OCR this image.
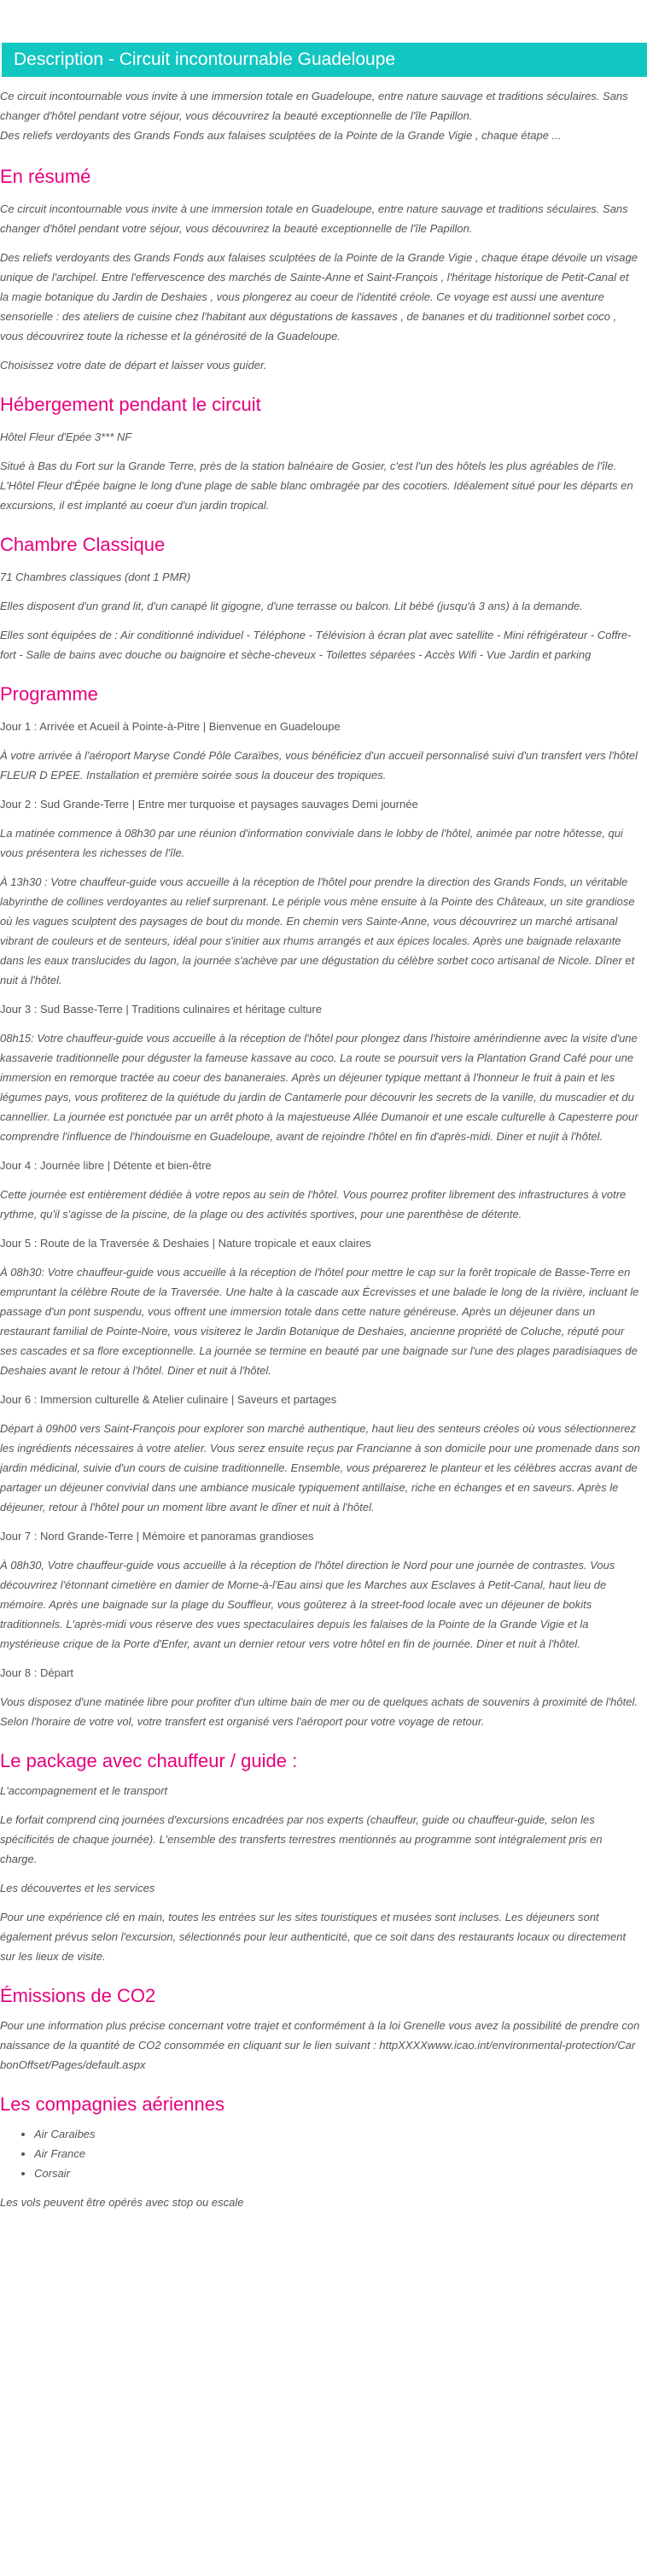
Description - Circuit incontournable Guadeloupe

Ce circuit incontournable vous invite à une immersion totale en Guadeloupe, entre nature sauvage et traditions séculaires. Sans changer d'hôtel pendant votre séjour, vous découvrirez la beauté exceptionnelle de l'île Papillon.

Des reliefs verdoyants des Grands Fonds aux falaises sculptées de la Pointe de la Grande Vigie , chaque étape ...

En résumé

Ce circuit incontournable vous invite à une immersion totale en Guadeloupe, entre nature sauvage et traditions séculaires. Sans changer d'hôtel pendant votre séjour, vous découvrirez la beauté exceptionnelle de l'île Papillon.

Des reliefs verdoyants des Grands Fonds aux falaises sculptées de la Pointe de la Grande Vigie , chaque étape dévoile un visage unique de l'archipel. Entre l'effervescence des marchés de Sainte-Anne et Saint-François , l'héritage historique de Petit-Canal et la magie botanique du Jardin de Deshaies , vous plongerez au coeur de l'identité créole. Ce voyage est aussi une aventure sensorielle : des ateliers de cuisine chez l'habitant aux dégustations de kassaves , de bananes et du traditionnel sorbet coco , vous découvrirez toute la richesse et la générosité de la Guadeloupe.

Choisissez votre date de départ et laisser vous guider.

Hébergement pendant le circuit

Hôtel Fleur d'Epée 3*** NF

Situé à Bas du Fort sur la Grande Terre, près de la station balnéaire de Gosier, c'est l'un des hôtels les plus agréables de l'île. L'Hôtel Fleur d'Épée baigne le long d'une plage de sable blanc ombragée par des cocotiers. Idéalement situé pour les départs en excursions, il est implanté au coeur d'un jardin tropical.

Chambre Classique

71 Chambres classiques (dont 1 PMR)

Elles disposent d'un grand lit, d'un canapé lit gigogne, d'une terrasse ou balcon. Lit bébé (jusqu'à 3 ans) à la demande.

Elles sont équipées de : Air conditionné individuel - Téléphone - Télévision à écran plat avec satellite - Mini réfrigérateur - Coffre-fort - Salle de bains avec douche ou baignoire et sèche-cheveux - Toilettes séparées - Accès Wifi - Vue Jardin et parking

Programme

Jour 1 : Arrivée et Acueil à Pointe-à-Pitre | Bienvenue en Guadeloupe

À votre arrivée à l'aéroport Maryse Condé Pôle Caraïbes, vous bénéficiez d'un accueil personnalisé suivi d'un transfert vers l'hôtel FLEUR D EPEE. Installation et première soirée sous la douceur des tropiques.

Jour 2 : Sud Grande-Terre | Entre mer turquoise et paysages sauvages Demi journée

La matinée commence à 08h30 par une réunion d'information conviviale dans le lobby de l'hôtel, animée par notre hôtesse, qui vous présentera les richesses de l'île.

À 13h30 : Votre chauffeur-guide vous accueille à la réception de l'hôtel pour prendre la direction des Grands Fonds, un véritable labyrinthe de collines verdoyantes au relief surprenant. Le périple vous mène ensuite à la Pointe des Châteaux, un site grandiose où les vagues sculptent des paysages de bout du monde. En chemin vers Sainte-Anne, vous découvrirez un marché artisanal vibrant de couleurs et de senteurs, idéal pour s'initier aux rhums arrangés et aux épices locales. Après une baignade relaxante dans les eaux translucides du lagon, la journée s'achève par une dégustation du célèbre sorbet coco artisanal de Nicole. Dîner et nuit à l'hôtel.

Jour 3 : Sud Basse-Terre | Traditions culinaires et héritage culture

08h15: Votre chauffeur-guide vous accueille à la réception de l'hôtel pour plongez dans l'histoire amérindienne avec la visite d'une kassaverie traditionnelle pour déguster la fameuse kassave au coco. La route se poursuit vers la Plantation Grand Café pour une immersion en remorque tractée au coeur des bananeraies. Après un déjeuner typique mettant à l'honneur le fruit à pain et les légumes pays, vous profiterez de la quiétude du jardin de Cantamerle pour découvrir les secrets de la vanille, du muscadier et du cannellier. La journée est ponctuée par un arrêt photo à la majestueuse Allée Dumanoir et une escale culturelle à Capesterre pour comprendre l'influence de l'hindouisme en Guadeloupe, avant de rejoindre l'hôtel en fin d'après-midi. Diner et nujit à l'hôtel.

Jour 4 : Journée libre | Détente et bien-être

Cette journée est entièrement dédiée à votre repos au sein de l'hôtel. Vous pourrez profiter librement des infrastructures à votre rythme, qu'il s'agisse de la piscine, de la plage ou des activités sportives, pour une parenthèse de détente.

Jour 5 : Route de la Traversée & Deshaies | Nature tropicale et eaux claires

À 08h30: Votre chauffeur-guide vous accueille à la réception de l'hôtel pour mettre le cap sur la forêt tropicale de Basse-Terre en empruntant la célèbre Route de la Traversée. Une halte à la cascade aux Écrevisses et une balade le long de la rivière, incluant le passage d'un pont suspendu, vous offrent une immersion totale dans cette nature généreuse. Après un déjeuner dans un restaurant familial de Pointe-Noire, vous visiterez le Jardin Botanique de Deshaies, ancienne propriété de Coluche, réputé pour ses cascades et sa flore exceptionnelle. La journée se termine en beauté par une baignade sur l'une des plages paradisiaques de Deshaies avant le retour à l'hôtel. Diner et nuit à l'hôtel.

Jour 6 : Immersion culturelle & Atelier culinaire | Saveurs et partages

Départ à 09h00 vers Saint-François pour explorer son marché authentique, haut lieu des senteurs créoles où vous sélectionnerez les ingrédients nécessaires à votre atelier. Vous serez ensuite reçus par Francianne à son domicile pour une promenade dans son jardin médicinal, suivie d'un cours de cuisine traditionnelle. Ensemble, vous préparerez le planteur et les célèbres accras avant de partager un déjeuner convivial dans une ambiance musicale typiquement antillaise, riche en échanges et en saveurs. Après le déjeuner, retour à l'hôtel pour un moment libre avant le dîner et nuit à l'hôtel.

Jour 7 : Nord Grande-Terre | Mémoire et panoramas grandioses

À 08h30, Votre chauffeur-guide vous accueille à la réception de l'hôtel direction le Nord pour une journée de contrastes. Vous découvrirez l'étonnant cimetière en damier de Morne-à-l'Eau ainsi que les Marches aux Esclaves à Petit-Canal, haut lieu de mémoire. Après une baignade sur la plage du Souffleur, vous goûterez à la street-food locale avec un déjeuner de bokits traditionnels. L'après-midi vous réserve des vues spectaculaires depuis les falaises de la Pointe de la Grande Vigie et la mystérieuse crique de la Porte d'Enfer, avant un dernier retour vers votre hôtel en fin de journée. Diner et nuit à l'hôtel.

Jour 8 : Départ

Vous disposez d'une matinée libre pour profiter d'un ultime bain de mer ou de quelques achats de souvenirs à proximité de l'hôtel. Selon l'horaire de votre vol, votre transfert est organisé vers l'aéroport pour votre voyage de retour.

Le package avec chauffeur / guide :

L'accompagnement et le transport

Le forfait comprend cinq journées d'excursions encadrées par nos experts (chauffeur, guide ou chauffeur-guide, selon les spécificités de chaque journée). L'ensemble des transferts terrestres mentionnés au programme sont intégralement pris en charge.

Les découvertes et les services

Pour une expérience clé en main, toutes les entrées sur les sites touristiques et musées sont incluses. Les déjeuners sont également prévus selon l'excursion, sélectionnés pour leur authenticité, que ce soit dans des restaurants locaux ou directement sur les lieux de visite.

Émissions de CO2

Pour une information plus précise concernant votre trajet et conformément à la loi Grenelle vous avez la possibilité de prendre connaissance de la quantité de CO2 consommée en cliquant sur le lien suivant : httpXXXXwww.icao.int/environmental-protection/CarbonOffset/Pages/default.aspx

Les compagnies aériennes
• Air Caraibes
• Air France
• Corsair

Les vols peuvent être opérés avec stop ou escale
